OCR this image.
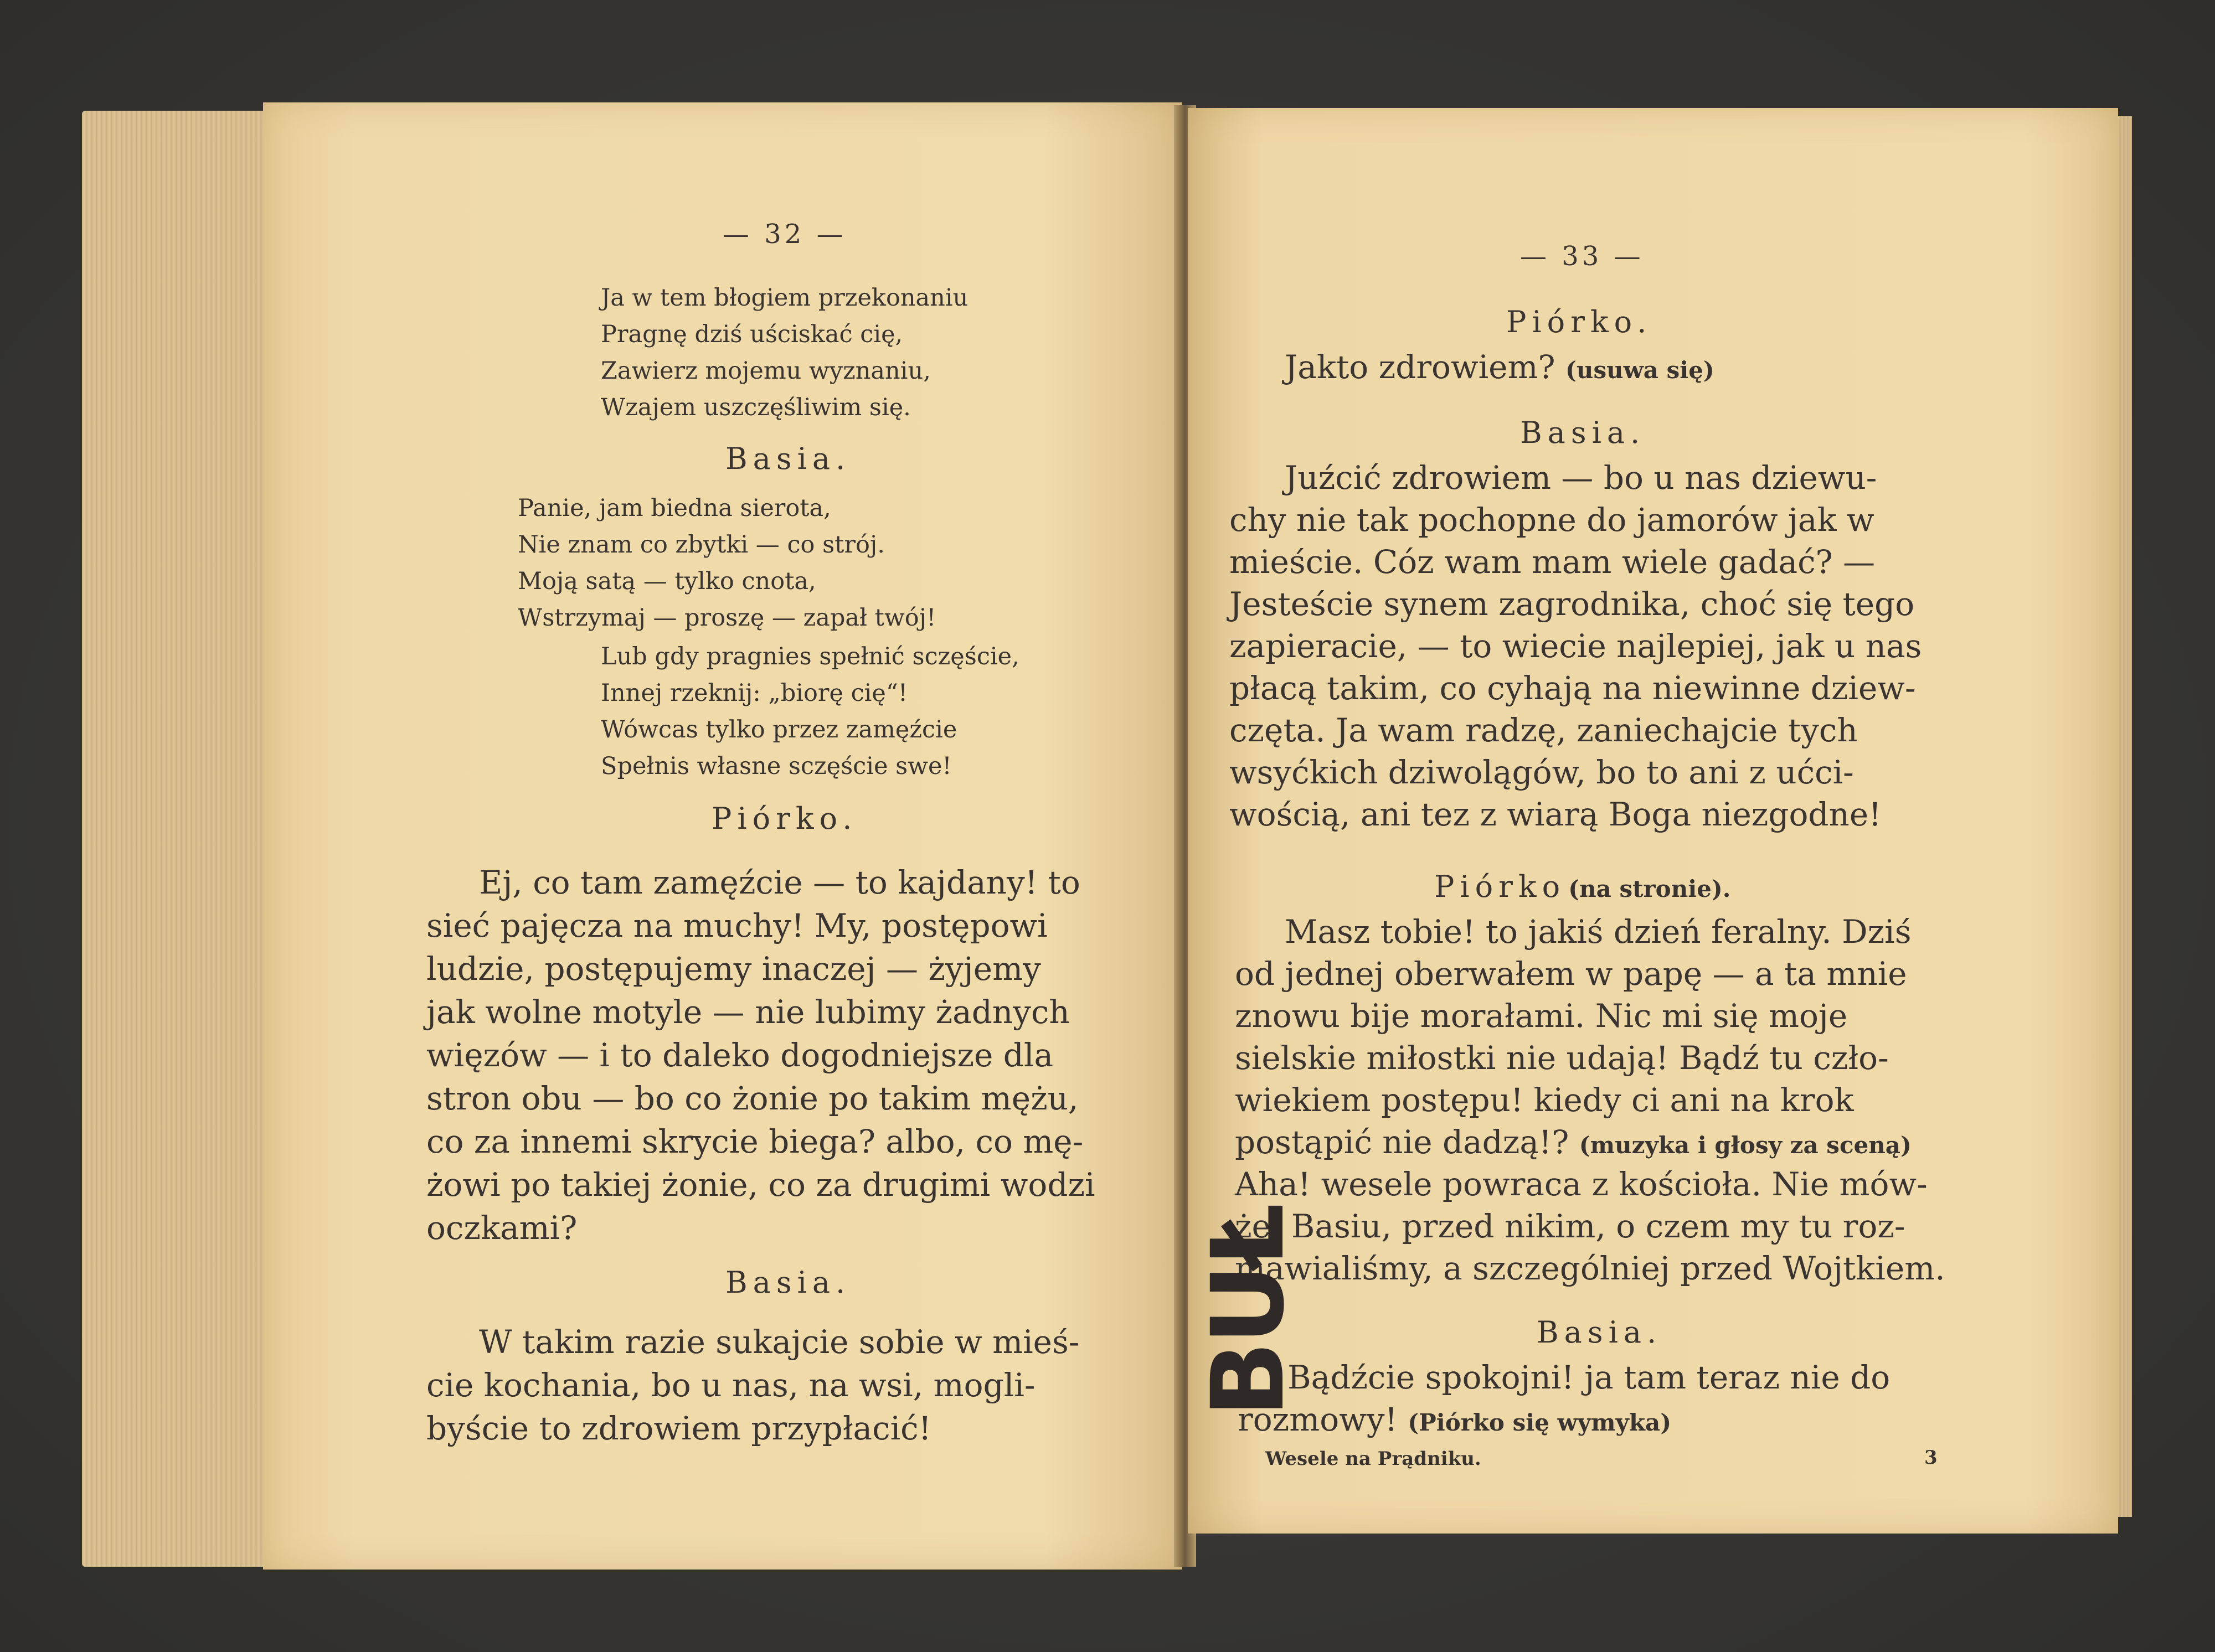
— 32 —
Ja w tem błogiem przekonaniu
Pragnę dziś uściskać cię,
Zawierz mojemu wyznaniu,
Wzajem uszczęśliwim się.
Basia.
Panie, jam biedna sierota,
Nie znam co zbytki — co strój.
Moją satą — tylko cnota,
Wstrzymaj — proszę — zapał twój!
Lub gdy pragnies spełnić sczęście,
Innej rzeknij: „biorę cię“!
Wówcas tylko przez zamęźcie
Spełnis własne sczęście swe!
Piórko.
Ej, co tam zamęźcie — to kajdany! to
sieć pajęcza na muchy! My, postępowi
ludzie, postępujemy inaczej — żyjemy
jak wolne motyle — nie lubimy żadnych
więzów — i to daleko dogodniejsze dla
stron obu — bo co żonie po takim mężu,
co za innemi skrycie biega? albo, co mę-
żowi po takiej żonie, co za drugimi wodzi
oczkami?
Basia.
W takim razie sukajcie sobie w mieś-
cie kochania, bo u nas, na wsi, mogli-
byście to zdrowiem przypłacić!
— 33 —
Piórko.
Jakto zdrowiem? (usuwa się)
Basia.
Juźcić zdrowiem — bo u nas dziewu-
chy nie tak pochopne do jamorów jak w
mieście. Cóz wam mam wiele gadać? —
Jesteście synem zagrodnika, choć się tego
zapieracie, — to wiecie najlepiej, jak u nas
płacą takim, co cyhają na niewinne dziew-
częta. Ja wam radzę, zaniechajcie tych
wsyćkich dziwolągów, bo to ani z ućci-
wością, ani tez z wiarą Boga niezgodne!
Piórko (na stronie).
Masz tobie! to jakiś dzień feralny. Dziś
od jednej oberwałem w papę — a ta mnie
znowu bije morałami. Nic mi się moje
sielskie miłostki nie udają! Bądź tu czło-
wiekiem postępu! kiedy ci ani na krok
postąpić nie dadzą!? (muzyka i głosy za sceną)
Aha! wesele powraca z kościoła. Nie mów-
że, Basiu, przed nikim, o czem my tu roz-
mawialiśmy, a szczególniej przed Wojtkiem.
Basia.
Bądźcie spokojni! ja tam teraz nie do
rozmowy! (Piórko się wymyka)
Wesele na Prądniku.	3
BUŁ
